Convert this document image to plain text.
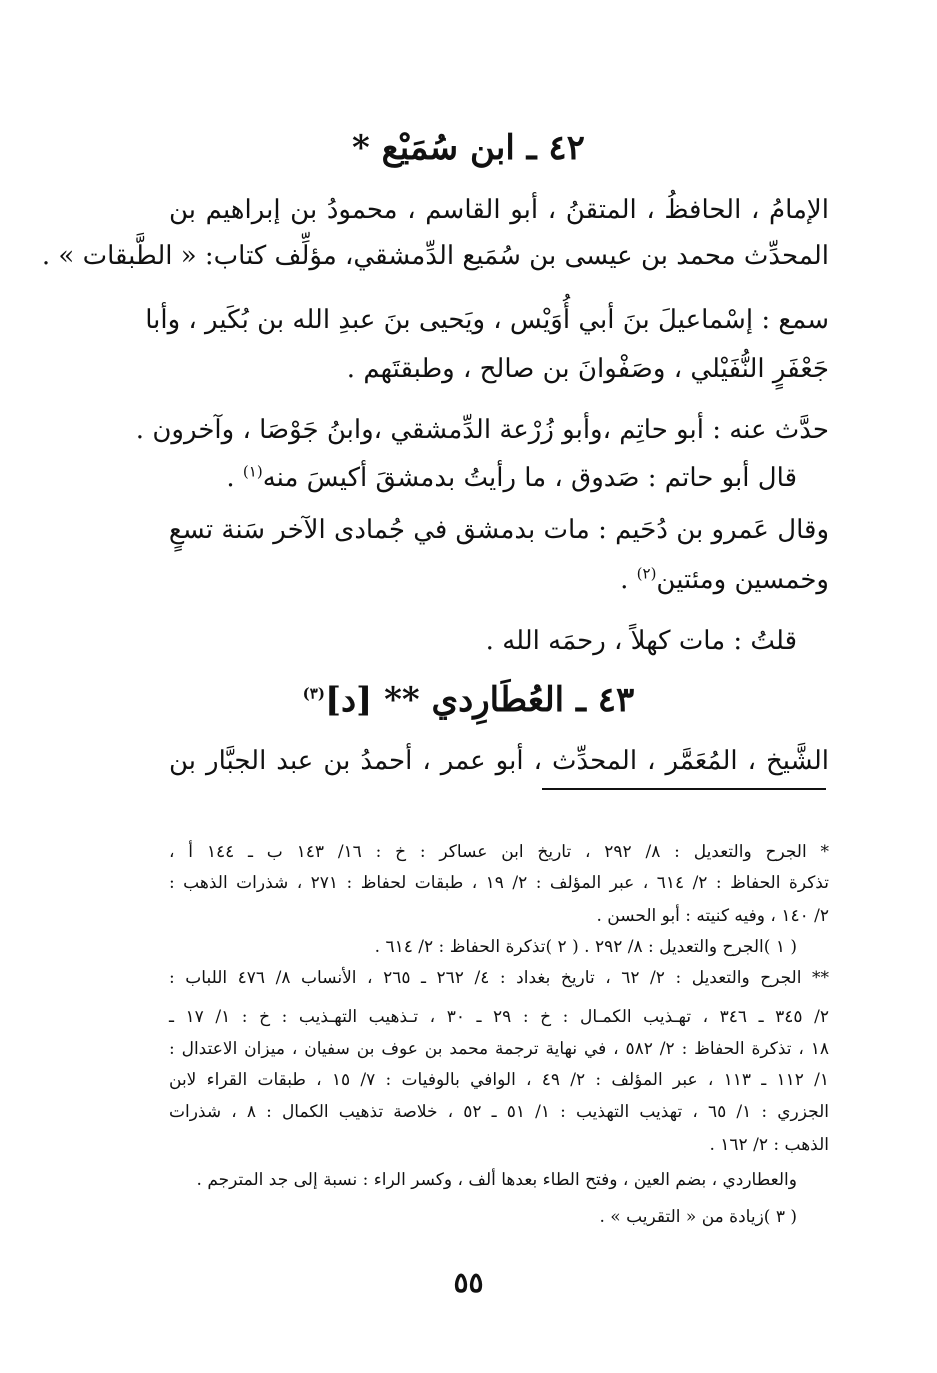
٤٢ ـ ابن سُمَيْع *
الإمامُ ، الحافظُ ، المتقنُ ، أبو القاسم ، محمودُ بن إبراهيم بن
المحدِّث محمد بن عيسى بن سُمَيع الدِّمشقي، مؤلِّف كتاب: « الطَّبقات » .
سمع : إسْماعيلَ بنَ أبي أُوَيْس ، ويَحيى بنَ عبدِ الله بن بُكَير ، وأبا
جَعْفَرٍ النُّفَيْلي ، وصَفْوانَ بن صالح ، وطبقتَهم .
حدَّث عنه : أبو حاتِم ،وأبو زُرْعة الدِّمشقي ،وابنُ جَوْصَا ، وآخرون .
قال أبو حاتم : صَدوق ، ما رأيتُ بدمشقَ أكيسَ منه$^{(١)}$ .
وقال عَمرو بن دُحَيم : مات بدمشق في جُمادى الآخر سَنة تسعٍ
وخمسين ومئتين$^{(٢)}$ .
قلتُ : مات كهلاً ، رحمَه الله .
٤٣ ـ العُطَارِدي ** [د]$^{(٣)}$
الشَّيخ ، المُعَمَّر ، المحدِّث ، أبو عمر ، أحمدُ بن عبد الجبَّار بن
* الجرح والتعديل : ٨/ ٢٩٢ ، تاريخ ابن عساكر : خ : ١٦/ ١٤٣ ب ـ ١٤٤ أ ،
تذكرة الحفاظ : ٢/ ٦١٤ ، عبر المؤلف : ٢/ ١٩ ، طبقات لحفاظ : ٢٧١ ، شذرات الذهب :
٢/ ١٤٠ ، وفيه كنيته : أبو الحسن .
( ١ )الجرح والتعديل : ٨/ ٢٩٢ . ( ٢ )تذكرة الحفاظ : ٢/ ٦١٤ .
** الجرح والتعديل : ٢/ ٦٢ ، تاريخ بغداد : ٤/ ٢٦٢ ـ ٢٦٥ ، الأنساب ٨/ ٤٧٦ اللباب :
٢/ ٣٤٥ ـ ٣٤٦ ، تهـذيب الكمـال : خ : ٢٩ ـ ٣٠ ، تـذهيب التهـذيب : خ : ١/ ١٧ ـ
١٨ ، تذكرة الحفاظ : ٢/ ٥٨٢ ، في نهاية ترجمة محمد بن عوف بن سفيان ، ميزان الاعتدال :
١/ ١١٢ ـ ١١٣ ، عبر المؤلف : ٢/ ٤٩ ، الوافي بالوفيات : ٧/ ١٥ ، طبقات القراء لابن
الجزري : ١/ ٦٥ ، تهذيب التهذيب : ١/ ٥١ ـ ٥٢ ، خلاصة تذهيب الكمال : ٨ ، شذرات
الذهب : ٢/ ١٦٢ .
والعطاردي ، بضم العين ، وفتح الطاء بعدها ألف ، وكسر الراء : نسبة إلى جد المترجم .
( ٣ )زيادة من « التقريب » .
٥٥
